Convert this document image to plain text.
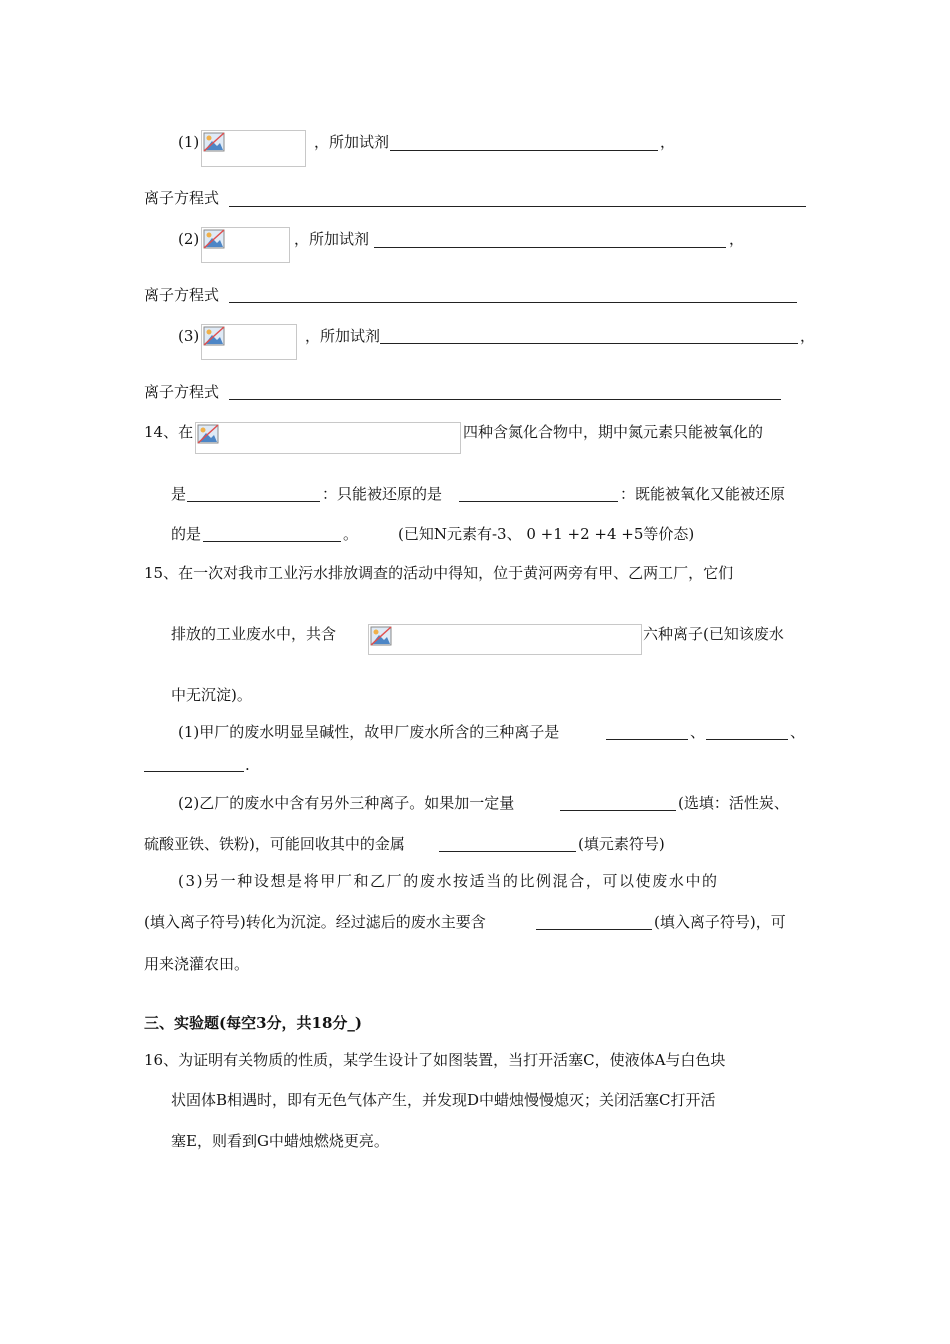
(1)	，所加试剂	，
离子方程式
(2)	，所加试剂	，
离子方程式
(3)	，所加试剂	，
离子方程式
14、在	四种含氮化合物中，期中氮元素只能被氧化的
是	：只能被还原的是	：既能被氧化又能被还原
的是	。	(已知N元素有-3、 0 +1 +2 +4 +5等价态)
15、在一次对我市工业污水排放调查的活动中得知，位于黄河两旁有甲、乙两工厂，它们
排放的工业废水中，共含	六种离子(已知该废水
中无沉淀)。
(1)甲厂的废水明显呈碱性，故甲厂废水所含的三种离子是	、	、
.
(2)乙厂的废水中含有另外三种离子。如果加一定量	(选填：活性炭、
硫酸亚铁、铁粉)，可能回收其中的金属	(填元素符号)
(3)另一种设想是将甲厂和乙厂的废水按适当的比例混合，可以使废水中的
(填入离子符号)转化为沉淀。经过滤后的废水主要含	(填入离子符号)，可
用来浇灌农田。
三、实验题(每空3分，共18分_)
16、为证明有关物质的性质，某学生设计了如图装置，当打开活塞C，使液体A与白色块
状固体B相遇时，即有无色气体产生，并发现D中蜡烛慢慢熄灭；关闭活塞C打开活
塞E，则看到G中蜡烛燃烧更亮。
